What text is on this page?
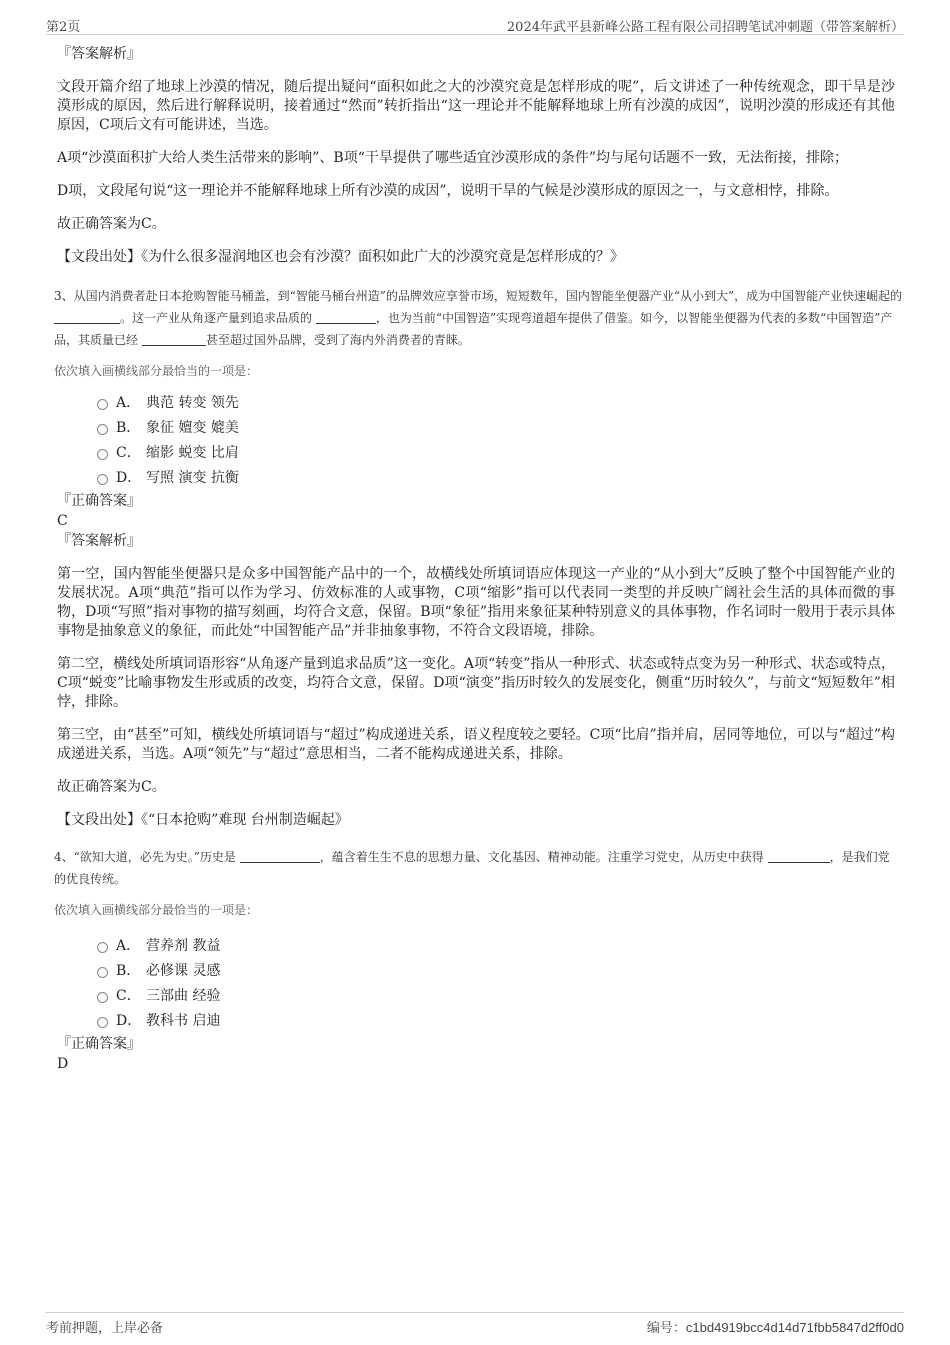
第2页	2024年武平县新峰公路工程有限公司招聘笔试冲刺题（带答案解析）

『答案解析』

文段开篇介绍了地球上沙漠的情况，随后提出疑问“面积如此之大的沙漠究竟是怎样形成的呢”，后文讲述了一种传统观念，即干旱是沙漠形成的原因，然后进行解释说明，接着通过“然而”转折指出“这一理论并不能解释地球上所有沙漠的成因”，说明沙漠的形成还有其他原因，C项后文有可能讲述，当选。

A项“沙漠面积扩大给人类生活带来的影响”、B项“干旱提供了哪些适宜沙漠形成的条件”均与尾句话题不一致，无法衔接，排除；

D项，文段尾句说“这一理论并不能解释地球上所有沙漠的成因”，说明干旱的气候是沙漠形成的原因之一，与文意相悖，排除。

故正确答案为C。

【文段出处】《为什么很多湿润地区也会有沙漠？面积如此广大的沙漠究竟是怎样形成的？》

3、从国内消费者赴日本抢购智能马桶盖，到“智能马桶台州造”的品牌效应享誉市场，短短数年，国内智能坐便器产业“从小到大”，成为中国智能产业快速崛起的 。这一产业从角逐产量到追求品质的	，也为当前“中国智造”实现弯道超车提供了借鉴。如今，以智能坐便器为代表的多数“中国智造”产品，其质量已经	甚至超过国外品牌，受到了海内外消费者的青睐。

依次填入画横线部分最恰当的一项是：

A． 典范 转变 领先
B． 象征 嬗变 媲美
C． 缩影 蜕变 比肩
D． 写照 演变 抗衡

『正确答案』

C

『答案解析』

第一空，国内智能坐便器只是众多中国智能产品中的一个，故横线处所填词语应体现这一产业的“从小到大”反映了整个中国智能产业的发展状况。A项“典范”指可以作为学习、仿效标准的人或事物，C项“缩影”指可以代表同一类型的并反映广阔社会生活的具体而微的事物，D项“写照”指对事物的描写刻画，均符合文意，保留。B项“象征”指用来象征某种特别意义的具体事物，作名词时一般用于表示具体事物是抽象意义的象征，而此处“中国智能产品”并非抽象事物，不符合文段语境，排除。

第二空，横线处所填词语形容“从角逐产量到追求品质”这一变化。A项“转变”指从一种形式、状态或特点变为另一种形式、状态或特点，C项“蜕变”比喻事物发生形或质的改变，均符合文意，保留。D项“演变”指历时较久的发展变化，侧重“历时较久”，与前文“短短数年”相悖，排除。

第三空，由“甚至”可知，横线处所填词语与“超过”构成递进关系，语义程度较之要轻。C项“比肩”指并肩，居同等地位，可以与“超过”构成递进关系，当选。A项“领先”与“超过”意思相当，二者不能构成递进关系，排除。

故正确答案为C。

【文段出处】《“日本抢购”难现 台州制造崛起》

4、“欲知大道，必先为史。”历史是	，蕴含着生生不息的思想力量、文化基因、精神动能。注重学习党史，从历史中获得	，是我们党的优良传统。

依次填入画横线部分最恰当的一项是：

A． 营养剂 教益
B． 必修课 灵感
C． 三部曲 经验
D． 教科书 启迪

『正确答案』

D

考前押题，上岸必备	编号：c1bd4919bcc4d14d71fbb5847d2ff0d0
